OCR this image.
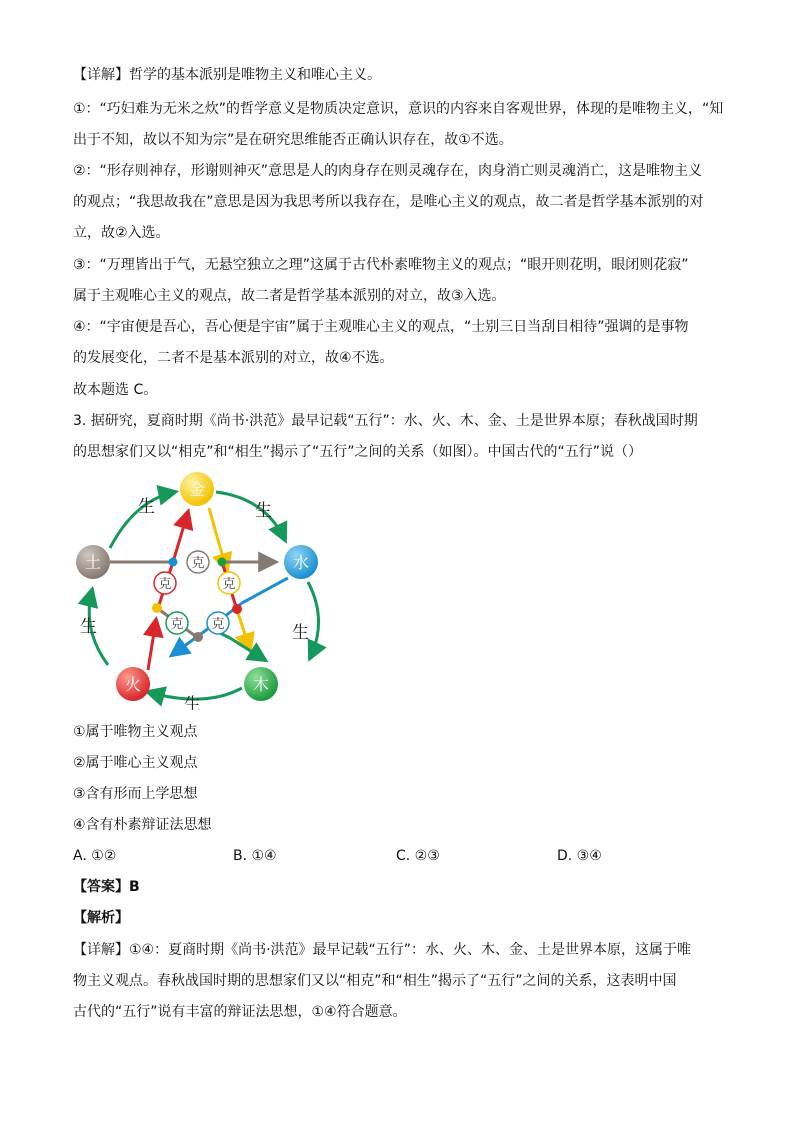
【详解】哲学的基本派别是唯物主义和唯心主义。
①：“巧妇难为无米之炊”的哲学意义是物质决定意识，意识的内容来自客观世界，体现的是唯物主义，“知
出于不知，故以不知为宗”是在研究思维能否正确认识存在，故①不选。
②：“形存则神存，形谢则神灭”意思是人的肉身存在则灵魂存在，肉身消亡则灵魂消亡，这是唯物主义
的观点；“我思故我在”意思是因为我思考所以我存在，是唯心主义的观点，故二者是哲学基本派别的对
立，故②入选。
③：“万理皆出于气，无悬空独立之理”这属于古代朴素唯物主义的观点；“眼开则花明，眼闭则花寂”
属于主观唯心主义的观点，故二者是哲学基本派别的对立，故③入选。
④：“宇宙便是吾心，吾心便是宇宙”属于主观唯心主义的观点，“士别三日当刮目相待”强调的是事物
的发展变化，二者不是基本派别的对立，故④不选。
故本题选 C。
3. 据研究，夏商时期《尚书·洪范》最早记载“五行”：水、火、木、金、土是世界本原；春秋战国时期
的思想家们又以“相克”和“相生”揭示了“五行”之间的关系（如图）。中国古代的“五行”说（）
克
克	克
克 克
生	生
生
生
生
金
水
木
火
土
①属于唯物主义观点
②属于唯心主义观点
③含有形而上学思想
④含有朴素辩证法思想
A. ①②	B. ①④	C. ②③	D. ③④
【答案】B
【解析】
【详解】①④：夏商时期《尚书·洪范》最早记载“五行”：水、火、木、金、土是世界本原，这属于唯
物主义观点。春秋战国时期的思想家们又以“相克”和“相生”揭示了“五行”之间的关系，这表明中国
古代的“五行”说有丰富的辩证法思想，①④符合题意。
